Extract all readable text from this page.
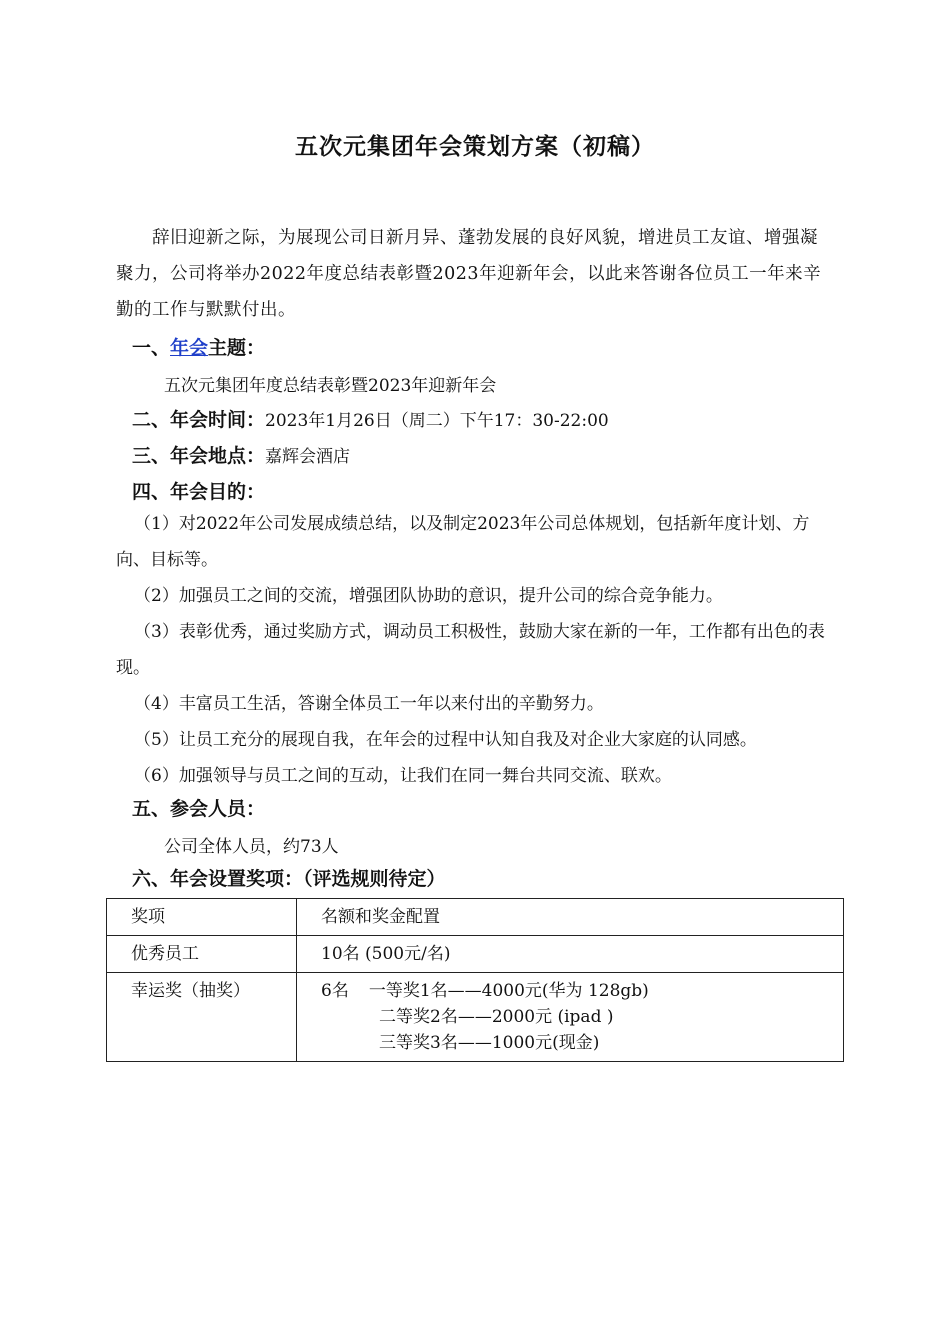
五次元集团年会策划方案（初稿）
辞旧迎新之际，为展现公司日新月异、蓬勃发展的良好风貌，增进员工友谊、增强凝聚力，公司将举办2022年度总结表彰暨2023年迎新年会，以此来答谢各位员工一年来辛勤的工作与默默付出。
一、年会主题：
五次元集团年度总结表彰暨2023年迎新年会
二、年会时间：2023年1月26日（周二）下午17：30-22:00
三、年会地点：嘉辉会酒店
四、年会目的：
（1）对2022年公司发展成绩总结，以及制定2023年公司总体规划，包括新年度计划、方向、目标等。
（2）加强员工之间的交流，增强团队协助的意识，提升公司的综合竞争能力。
（3）表彰优秀，通过奖励方式，调动员工积极性，鼓励大家在新的一年，工作都有出色的表现。
（4）丰富员工生活，答谢全体员工一年以来付出的辛勤努力。
（5）让员工充分的展现自我，在年会的过程中认知自我及对企业大家庭的认同感。
（6）加强领导与员工之间的互动，让我们在同一舞台共同交流、联欢。
五、参会人员：
公司全体人员，约73人
六、年会设置奖项：（评选规则待定）
奖项	名额和奖金配置
优秀员工	10名 (500元/名)
幸运奖（抽奖）	6名 一等奖1名——4000元(华为 128gb)
二等奖2名——2000元 (ipad )
三等奖3名——1000元(现金)
